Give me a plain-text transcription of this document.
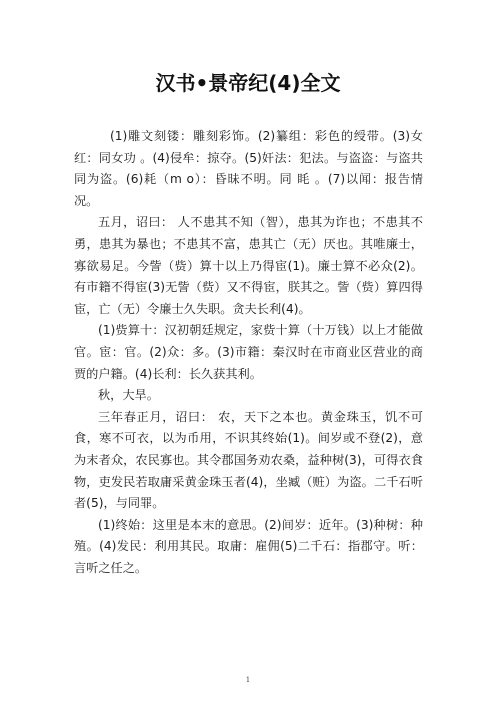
汉书•景帝纪(4)全文

(1)雕文刻镂：雕刻彩饰。(2)纂组：彩色的绶带。(3)女红：同女功 。(4)侵牟：掠夺。(5)奸法：犯法。与盗盗：与盗共同为盗。(6)耗（m o）：昏昧不明。同 眊 。(7)以闻：报告情况。

五月，诏曰： 人不患其不知（智），患其为诈也；不患其不勇，患其为暴也；不患其不富，患其亡（无）厌也。其唯廉士，寡欲易足。今訾（赀）算十以上乃得宦(1)。廉士算不必众(2)。有市籍不得宦(3)无訾（赀）又不得宦，朕其之。訾（赀）算四得宦，亡（无）令廉士久失职。贪夫长利(4)。

(1)赀算十：汉初朝廷规定，家赀十算（十万钱）以上才能做官。宦：官。(2)众：多。(3)市籍：秦汉时在市商业区营业的商贾的户籍。(4)长利：长久获其利。

秋，大旱。

三年春正月，诏曰： 农，天下之本也。黄金珠玉，饥不可食，寒不可衣，以为币用，不识其终始(1)。间岁或不登(2)，意为末者众，农民寡也。其令郡国务劝农桑，益种树(3)，可得衣食物，吏发民若取庸采黄金珠玉者(4)，坐臧（赃）为盗。二千石听者(5)，与同罪。

(1)终始：这里是本末的意思。(2)间岁：近年。(3)种树：种殖。(4)发民：利用其民。取庸：雇佣(5)二千石：指郡守。听：言听之任之。

1
